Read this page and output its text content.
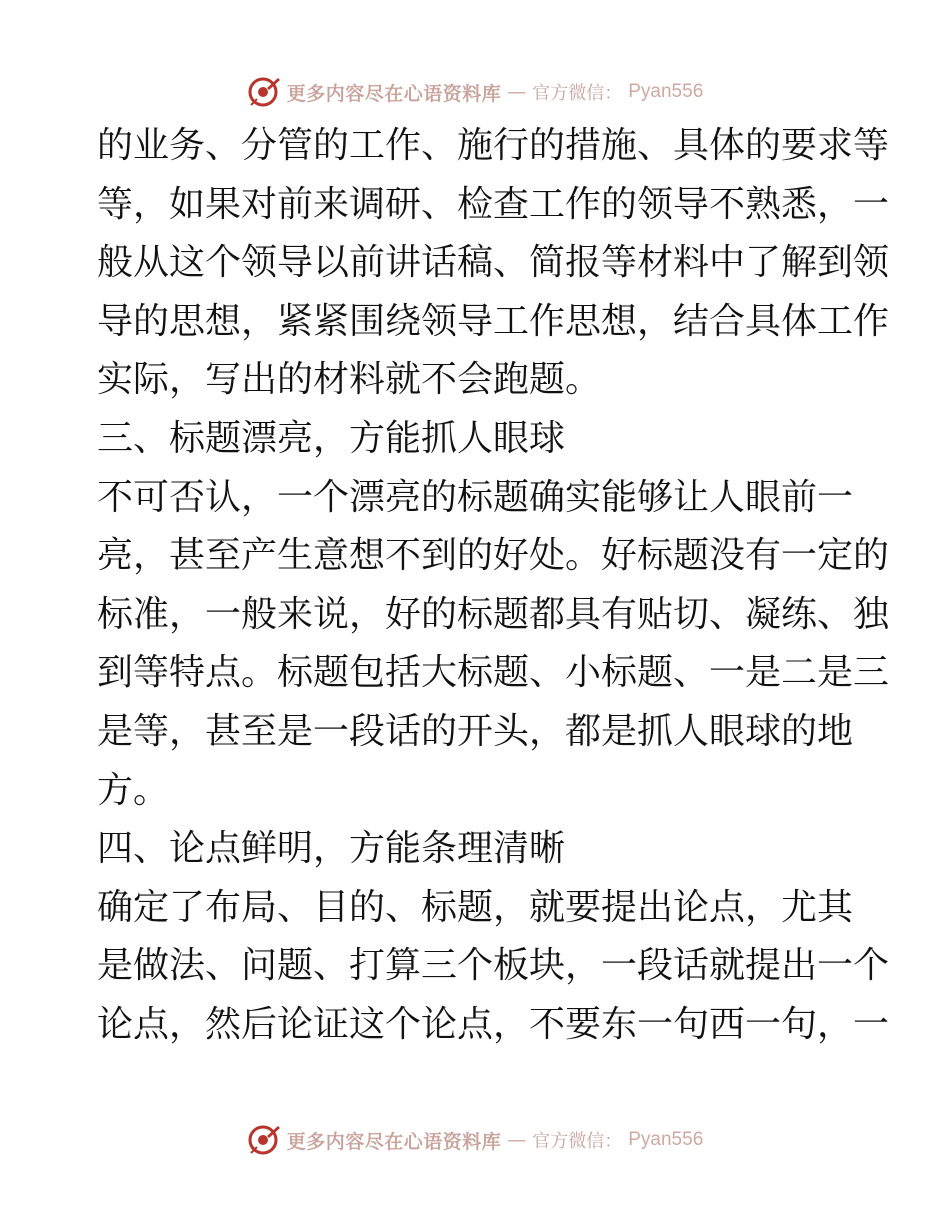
更多内容尽在心语资料库 — 官方微信： Pyan556
的业务、分管的工作、施行的措施、具体的要求等
等，如果对前来调研、检查工作的领导不熟悉，一
般从这个领导以前讲话稿、简报等材料中了解到领
导的思想，紧紧围绕领导工作思想，结合具体工作
实际，写出的材料就不会跑题。
三、标题漂亮，方能抓人眼球
不可否认，一个漂亮的标题确实能够让人眼前一
亮，甚至产生意想不到的好处。好标题没有一定的
标准，一般来说，好的标题都具有贴切、凝练、独
到等特点。标题包括大标题、小标题、一是二是三
是等，甚至是一段话的开头，都是抓人眼球的地
方。
四、论点鲜明，方能条理清晰
确定了布局、目的、标题，就要提出论点，尤其
是做法、问题、打算三个板块，一段话就提出一个
论点，然后论证这个论点，不要东一句西一句，一
更多内容尽在心语资料库 — 官方微信： Pyan556
